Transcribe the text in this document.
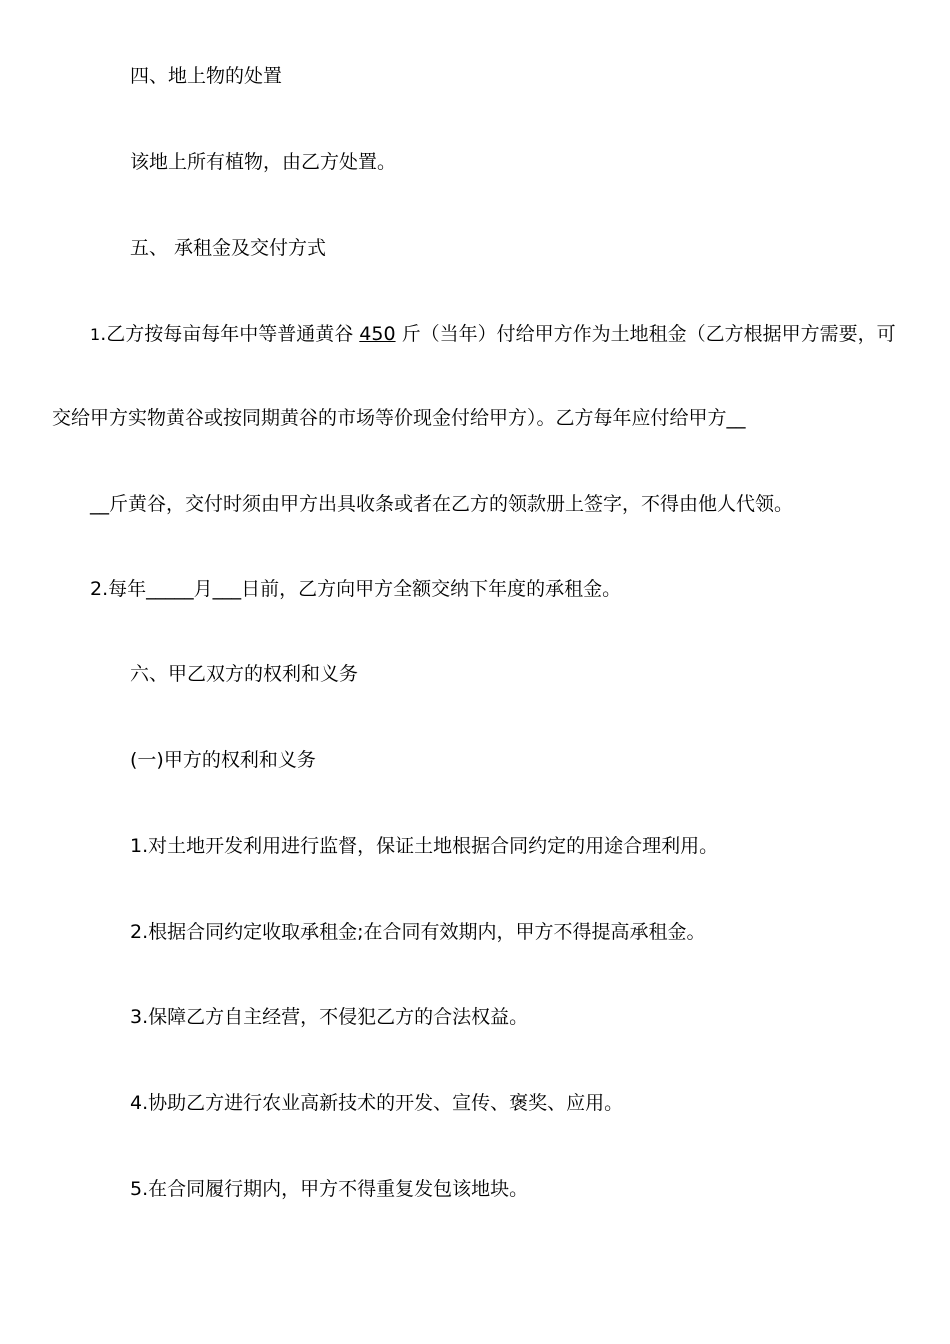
四、地上物的处置
该地上所有植物，由乙方处置。
五、 承租金及交付方式
1.乙方按每亩每年中等普通黄谷 450 斤（当年）付给甲方作为土地租金（乙方根据甲方需要，可
交给甲方实物黄谷或按同期黄谷的市场等价现金付给甲方）。乙方每年应付给甲方__
__斤黄谷，交付时须由甲方出具收条或者在乙方的领款册上签字，不得由他人代领。
2.每年_____月___日前，乙方向甲方全额交纳下年度的承租金。
六、甲乙双方的权利和义务
(一)甲方的权利和义务
1.对土地开发利用进行监督，保证土地根据合同约定的用途合理利用。
2.根据合同约定收取承租金;在合同有效期内，甲方不得提高承租金。
3.保障乙方自主经营，不侵犯乙方的合法权益。
4.协助乙方进行农业高新技术的开发、宣传、褒奖、应用。
5.在合同履行期内，甲方不得重复发包该地块。
